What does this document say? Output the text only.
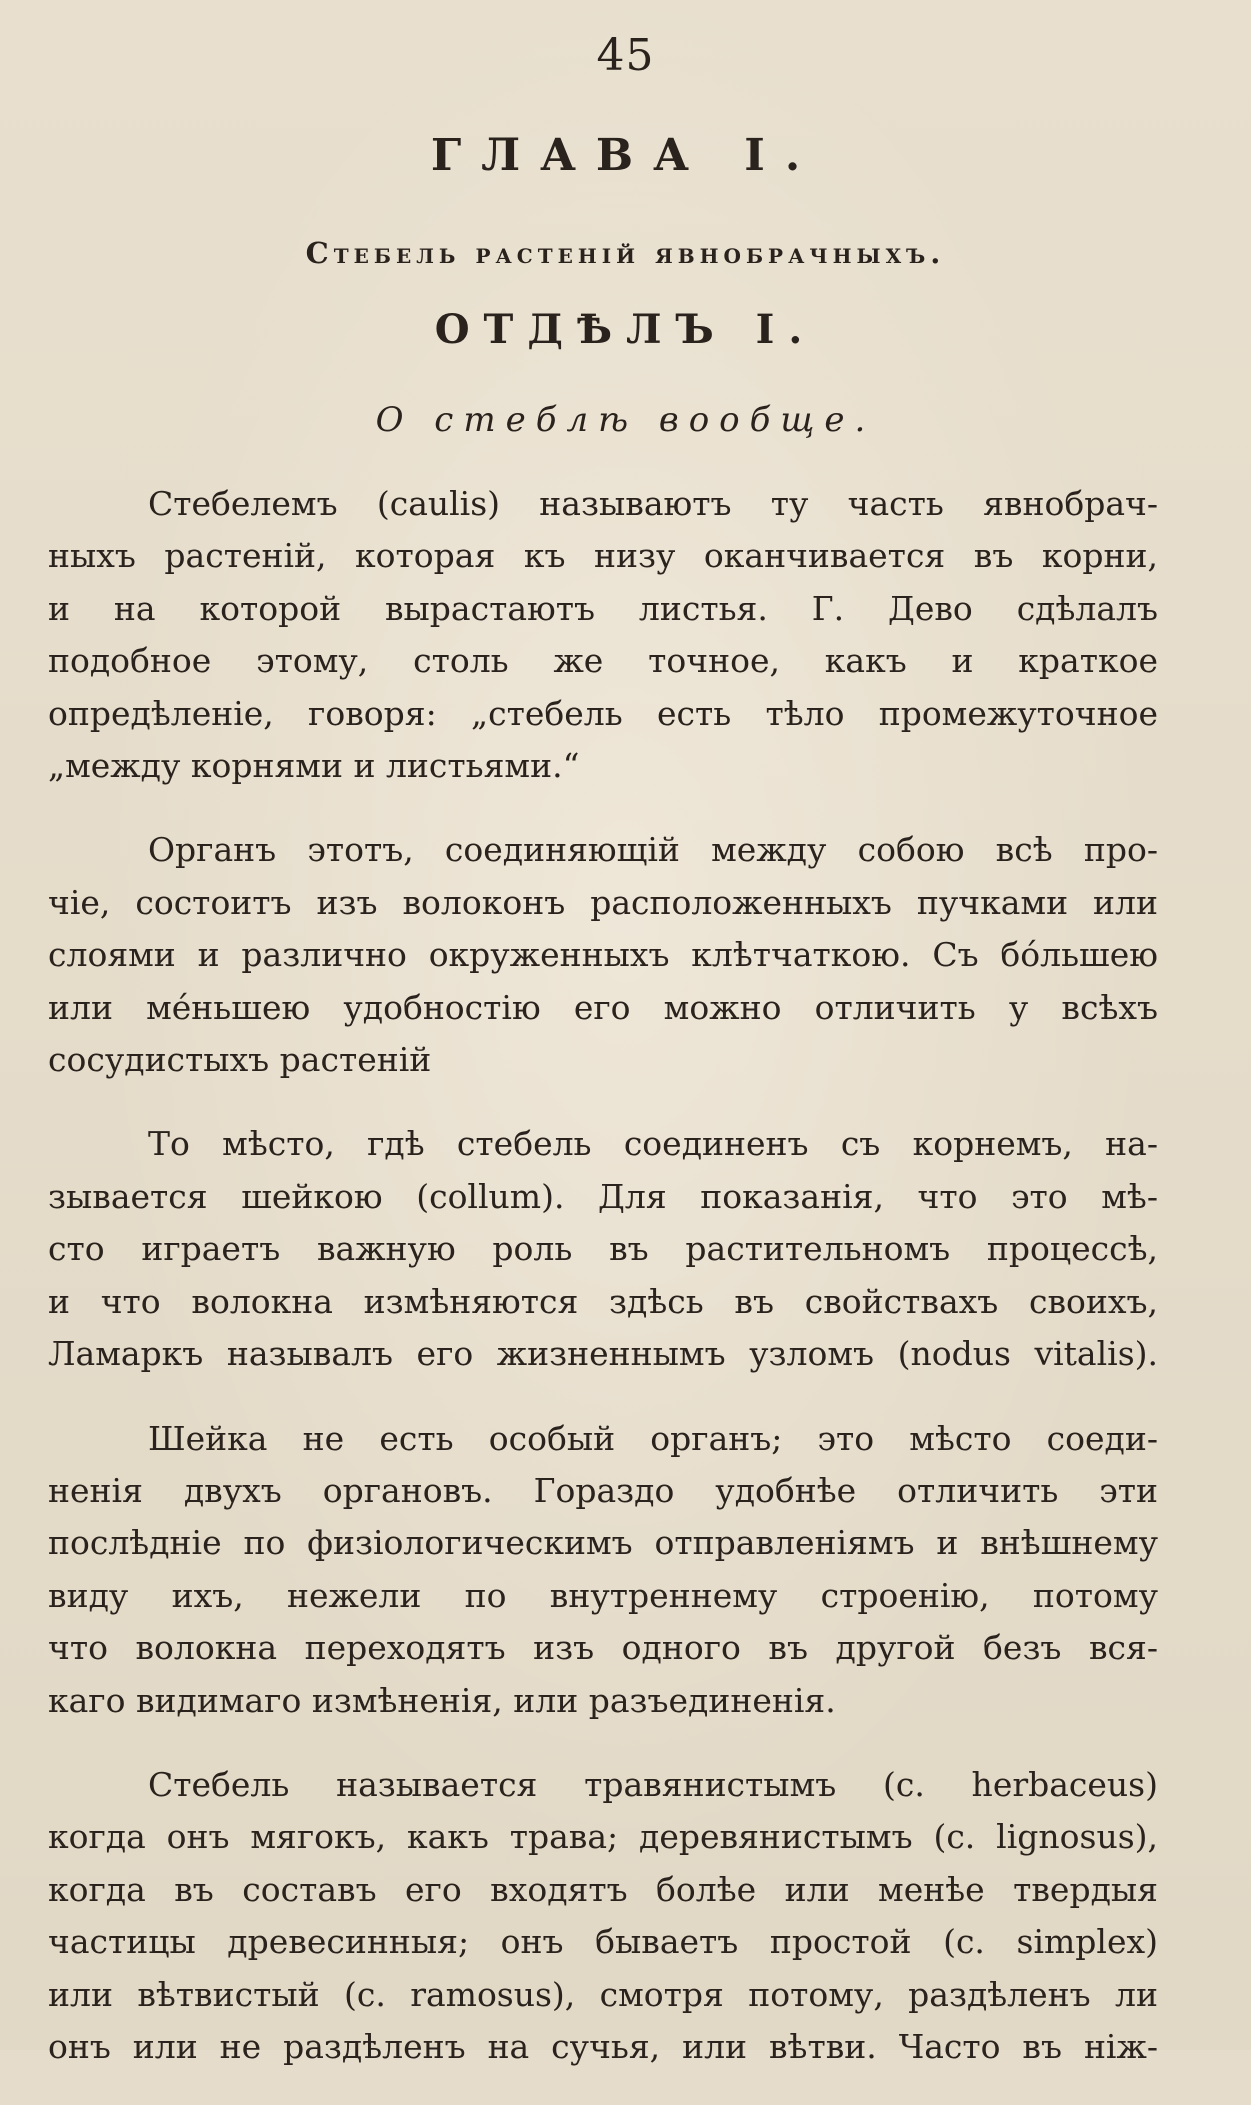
45
ГЛАВА I.
Стебель растенiй явнобрачныхъ.
ОТДѢЛЪ I.
О стеблѣ вообще.
Стебелемъ (caulis) называютъ ту часть явнобрач-
ныхъ растенiй, которая къ низу оканчивается въ корни,
и на которой вырастаютъ листья. Г. Дево сдѣлалъ
подобное этому, столь же точное, какъ и краткое
опредѣленiе, говоря: „стебель есть тѣло промежуточное
„между корнями и листьями.“
Органъ этотъ, соединяющiй между собою всѣ про-
чiе, состоитъ изъ волоконъ расположенныхъ пучками или
слоями и различно окруженныхъ клѣтчаткою. Съ бóльшею
или мéньшею удобностiю его можно отличить у всѣхъ
сосудистыхъ растенiй
То мѣсто, гдѣ стебель соединенъ съ корнемъ, на-
зывается шейкою (collum). Для показанiя, что это мѣ-
сто играетъ важную роль въ растительномъ процессѣ,
и что волокна измѣняются здѣсь въ свойствахъ своихъ,
Ламаркъ называлъ его жизненнымъ узломъ (nodus vitalis).
Шейка не есть особый органъ; это мѣсто соеди-
ненiя двухъ органовъ. Гораздо удобнѣе отличить эти
послѣднiе по физiологическимъ отправленiямъ и внѣшнему
виду ихъ, нежели по внутреннему строенiю, потому
что волокна переходятъ изъ одного въ другой безъ вся-
каго видимаго измѣненiя, или разъединенiя.
Стебель называется травянистымъ (c. herbaceus)
когда онъ мягокъ, какъ трава; деревянистымъ (c. lignosus),
когда въ составъ его входятъ болѣе или менѣе твердыя
частицы древесинныя; онъ бываетъ простой (c. simplex)
или вѣтвистый (c. ramosus), смотря потому, раздѣленъ ли
онъ или не раздѣленъ на сучья, или вѣтви. Часто въ нiж-
